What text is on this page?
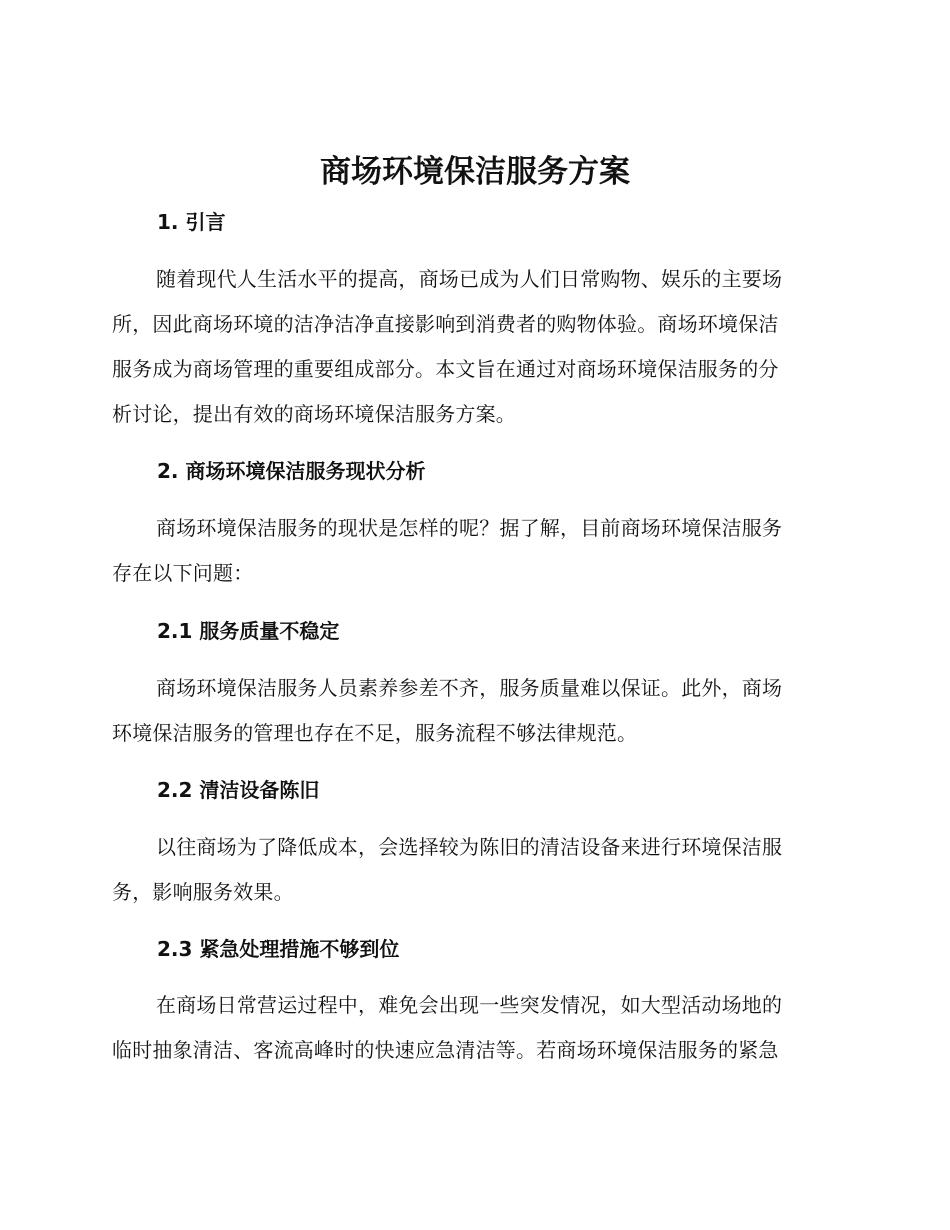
商场环境保洁服务方案
1. 引言

随着现代人生活水平的提高，商场已成为人们日常购物、娱乐的主要场
所，因此商场环境的洁净洁净直接影响到消费者的购物体验。商场环境保洁
服务成为商场管理的重要组成部分。本文旨在通过对商场环境保洁服务的分
析讨论，提出有效的商场环境保洁服务方案。

2. 商场环境保洁服务现状分析

商场环境保洁服务的现状是怎样的呢？据了解，目前商场环境保洁服务
存在以下问题：

2.1 服务质量不稳定

商场环境保洁服务人员素养参差不齐，服务质量难以保证。此外，商场
环境保洁服务的管理也存在不足，服务流程不够法律规范。

2.2 清洁设备陈旧

以往商场为了降低成本，会选择较为陈旧的清洁设备来进行环境保洁服
务，影响服务效果。

2.3 紧急处理措施不够到位

在商场日常营运过程中，难免会出现一些突发情况，如大型活动场地的
临时抽象清洁、客流高峰时的快速应急清洁等。若商场环境保洁服务的紧急
